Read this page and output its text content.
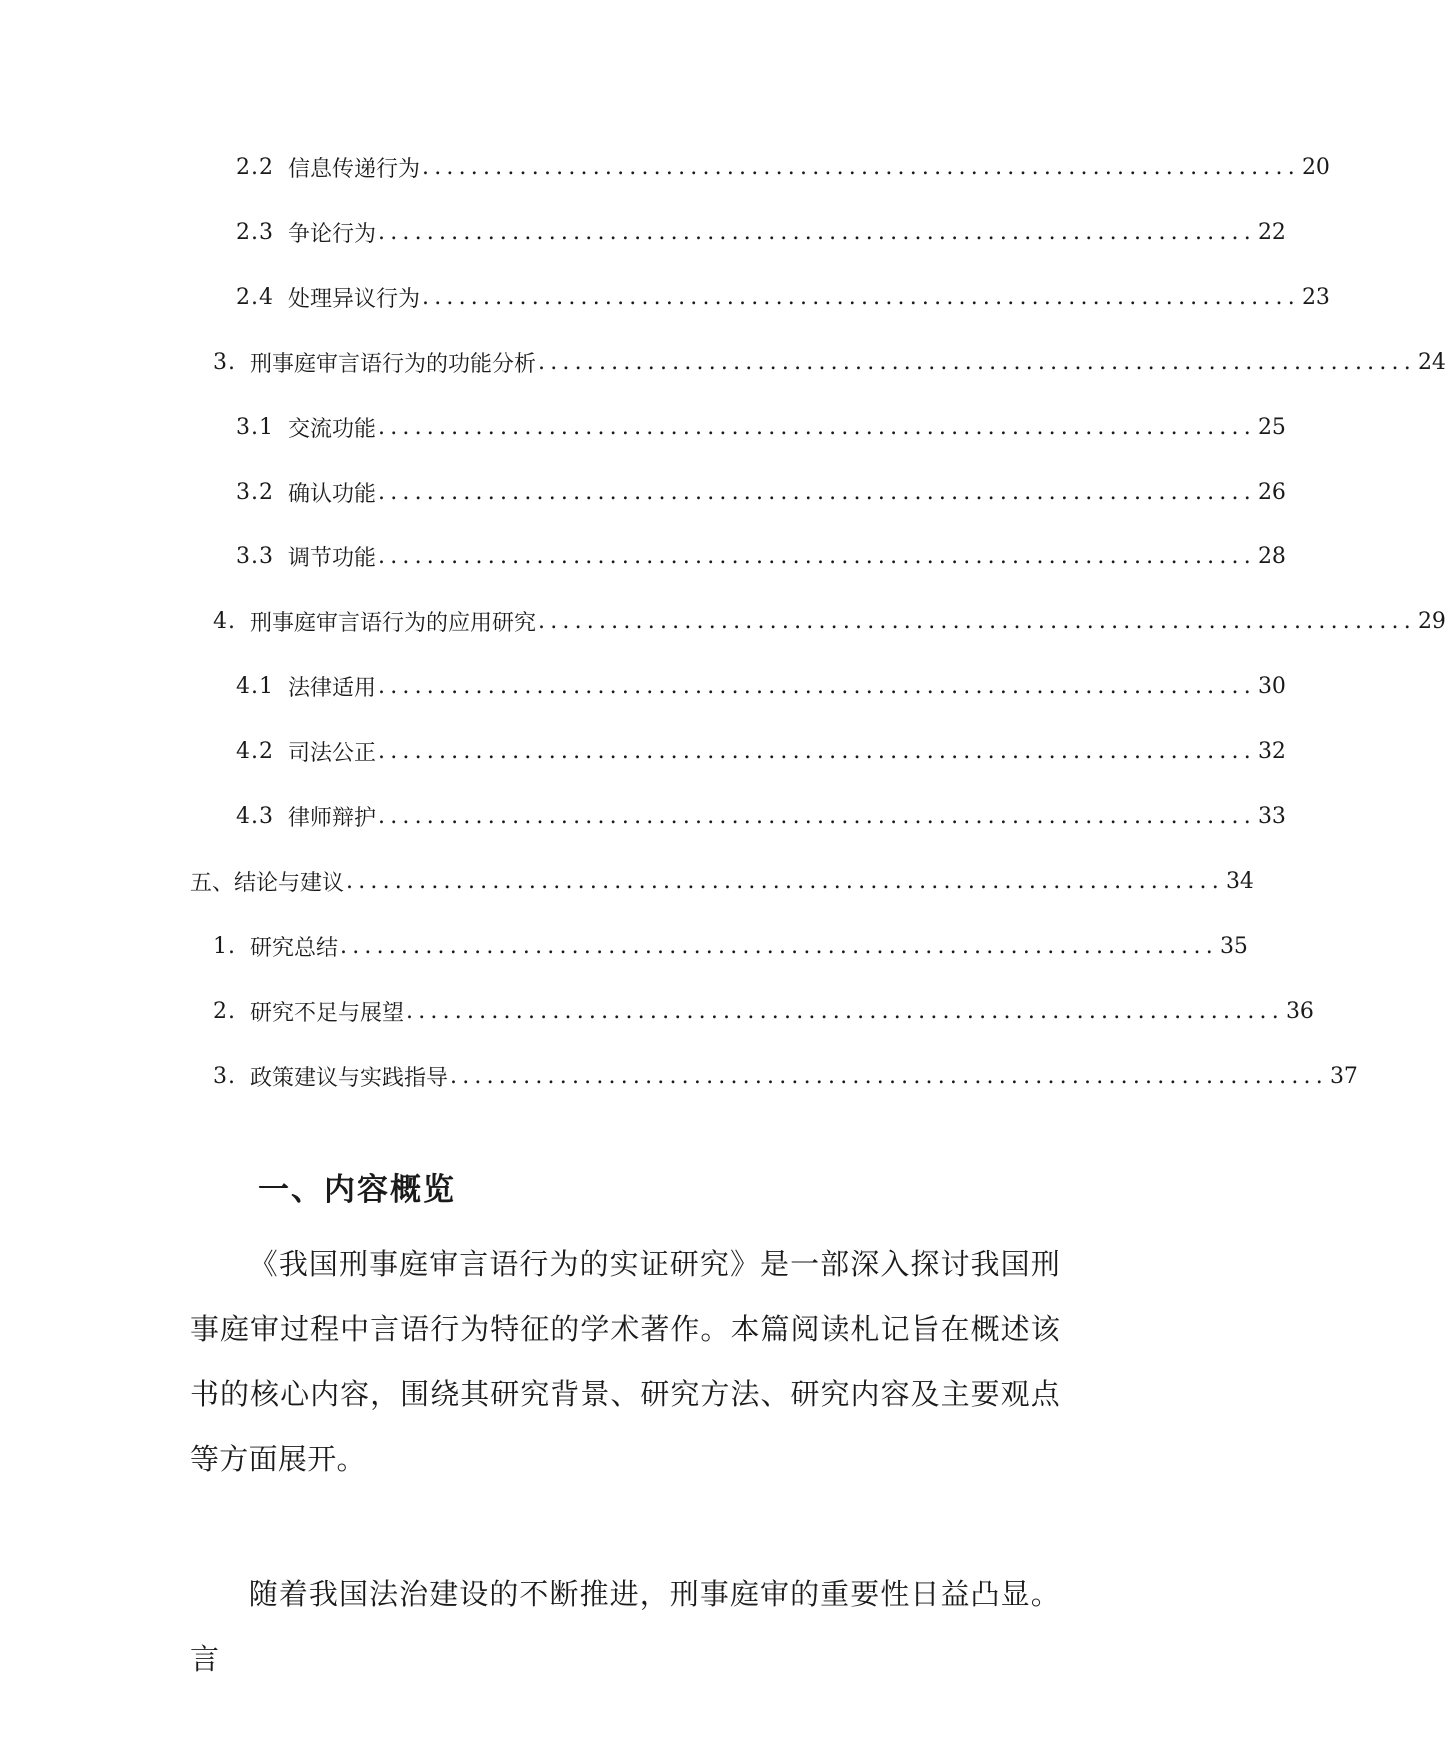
2.2 信息传递行为 ........................................................................ 20
2.3 争论行为 ........................................................................ 22
2.4 处理异议行为 ........................................................................ 23
3. 刑事庭审言语行为的功能分析 ........................................................................ 24
3.1 交流功能 ........................................................................ 25
3.2 确认功能 ........................................................................ 26
3.3 调节功能 ........................................................................ 28
4. 刑事庭审言语行为的应用研究 ........................................................................ 29
4.1 法律适用 ........................................................................ 30
4.2 司法公正 ........................................................................ 32
4.3 律师辩护 ........................................................................ 33
五、结论与建议 ........................................................................ 34
1. 研究总结 ........................................................................ 35
2. 研究不足与展望 ........................................................................ 36
3. 政策建议与实践指导 ........................................................................ 37
一、内容概览
《我国刑事庭审言语行为的实证研究》是一部深入探讨我国刑事庭审过程中言语行为特征的学术著作。本篇阅读札记旨在概述该书的核心内容，围绕其研究背景、研究方法、研究内容及主要观点等方面展开。
随着我国法治建设的不断推进，刑事庭审的重要性日益凸显。言
